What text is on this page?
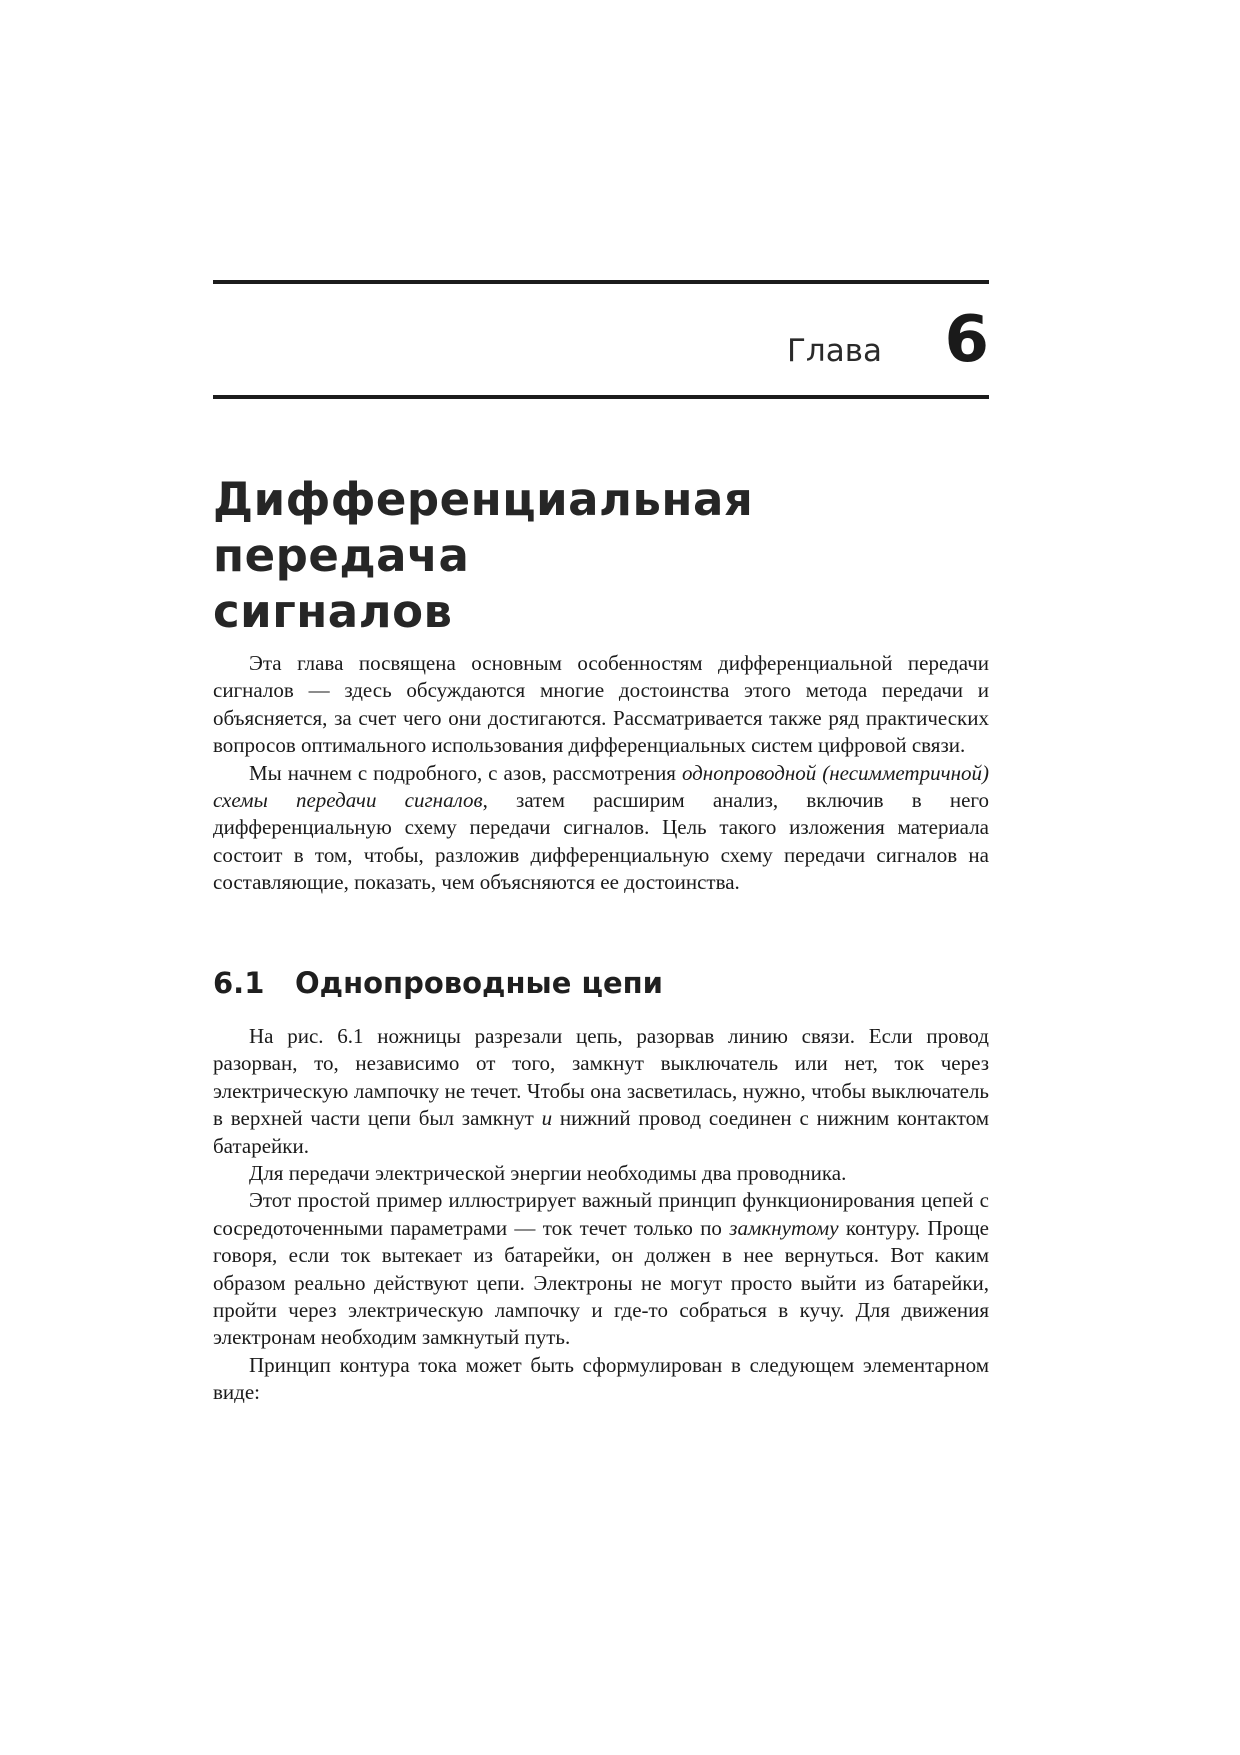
Глава 6
Дифференциальная передача
сигналов

Эта глава посвящена основным особенностям дифференциальной передачи сигналов — здесь обсуждаются многие достоинства этого метода передачи и объясняется, за счет чего они достигаются. Рассматривается также ряд практических вопросов оптимального использования дифференциальных систем цифровой связи.

Мы начнем с подробного, с азов, рассмотрения однопроводной (несимметричной) схемы передачи сигналов, затем расширим анализ, включив в него дифференциальную схему передачи сигналов. Цель такого изложения материала состоит в том, чтобы, разложив дифференциальную схему передачи сигналов на составляющие, показать, чем объясняются ее достоинства.

6.1 Однопроводные цепи

На рис. 6.1 ножницы разрезали цепь, разорвав линию связи. Если провод разорван, то, независимо от того, замкнут выключатель или нет, ток через электрическую лампочку не течет. Чтобы она засветилась, нужно, чтобы выключатель в верхней части цепи был замкнут и нижний провод соединен с нижним контактом батарейки.

Для передачи электрической энергии необходимы два проводника.

Этот простой пример иллюстрирует важный принцип функционирования цепей с сосредоточенными параметрами — ток течет только по замкнутому контуру. Проще говоря, если ток вытекает из батарейки, он должен в нее вернуться. Вот каким образом реально действуют цепи. Электроны не могут просто выйти из батарейки, пройти через электрическую лампочку и где-то собраться в кучу. Для движения электронам необходим замкнутый путь.

Принцип контура тока может быть сформулирован в следующем элементарном виде:
